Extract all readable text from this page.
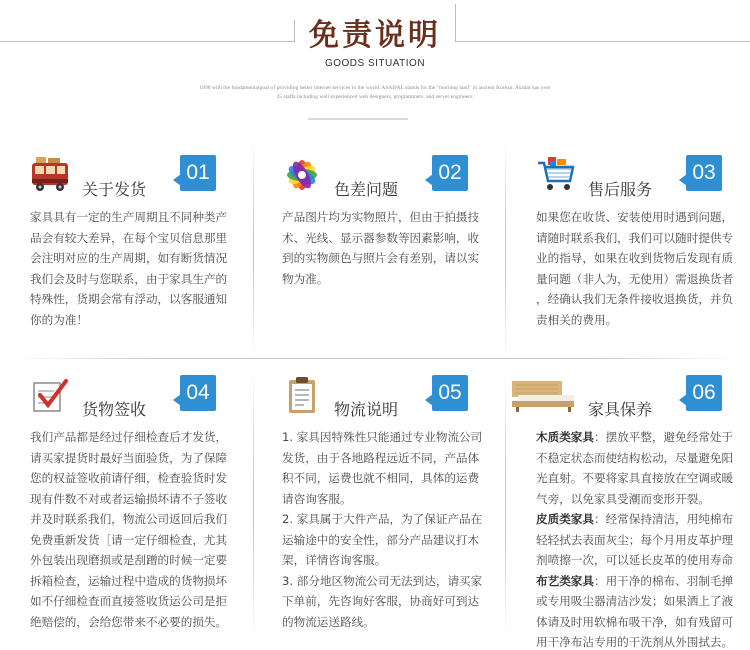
免责说明
GOODS SITUATION
1998 with the fundamentalgoal of providing better internet services to the world. ASADAL stands for the "morning land" in ancient Korean. Asadal has over
35 staffs including well experienced web designers, programmers, and server engineers.
关于发货
01
家具具有一定的生产周期且不同种类产
品会有较大差异，在每个宝贝信息那里
会注明对应的生产周期，如有断货情况
我们会及时与您联系，由于家具生产的
特殊性，货期会常有浮动，以客服通知
你的为准！
色差问题
02
产品图片均为实物照片，但由于拍摄技
术、光线、显示器参数等因素影响，收
到的实物颜色与照片会有差别，请以实
物为准。
售后服务
03
如果您在收货、安装使用时遇到问题，
请随时联系我们，我们可以随时提供专
业的指导，如果在收到货物后发现有质
量问题（非人为，无使用）需退换货者
，经确认我们无条件接收退换货，并负
责相关的费用。
货物签收
04
我们产品都是经过仔细检查后才发货，
请买家提货时最好当面验货，为了保障
您的权益签收前请仔细，检查验货时发
现有件数不对或者运输损坏请不子签收
并及时联系我们，物流公司返回后我们
免费重新发货［请一定仔细检查，尤其
外包装出现磨损或是刮蹭的时候一定要
拆箱检查，运输过程中造成的货物损坏
如不仔细检查而直接签收货运公司是拒
绝赔偿的，会给您带来不必要的损失。
物流说明
05
1. 家具因特殊性只能通过专业物流公司
发货，由于各地路程远近不同，产品体
积不同，运费也就不相同，具体的运费
请咨询客服。
2. 家具属于大件产品，为了保证产品在
运输途中的安全性，部分产品建议打木
架，详情咨询客服。
3. 部分地区物流公司无法到达，请买家
下单前，先咨询好客服，协商好可到达
的物流运送路线。
家具保养
06
木质类家具：摆放平整，避免经常处于
不稳定状态而使结构松动，尽量避免阳
光直射。不要将家具直接放在空调或暖
气旁，以免家具受潮而变形开裂。
皮质类家具：经常保持清洁，用纯棉布
轻轻拭去表面灰尘；每个月用皮革护理
剂喷擦一次，可以延长皮革的使用寿命
布艺类家具：用干净的棉布、羽制毛掸
或专用吸尘器清洁沙发；如果洒上了液
体请及时用软棉布吸干净，如有残留可
用干净布沾专用的干洗剂从外围拭去。
